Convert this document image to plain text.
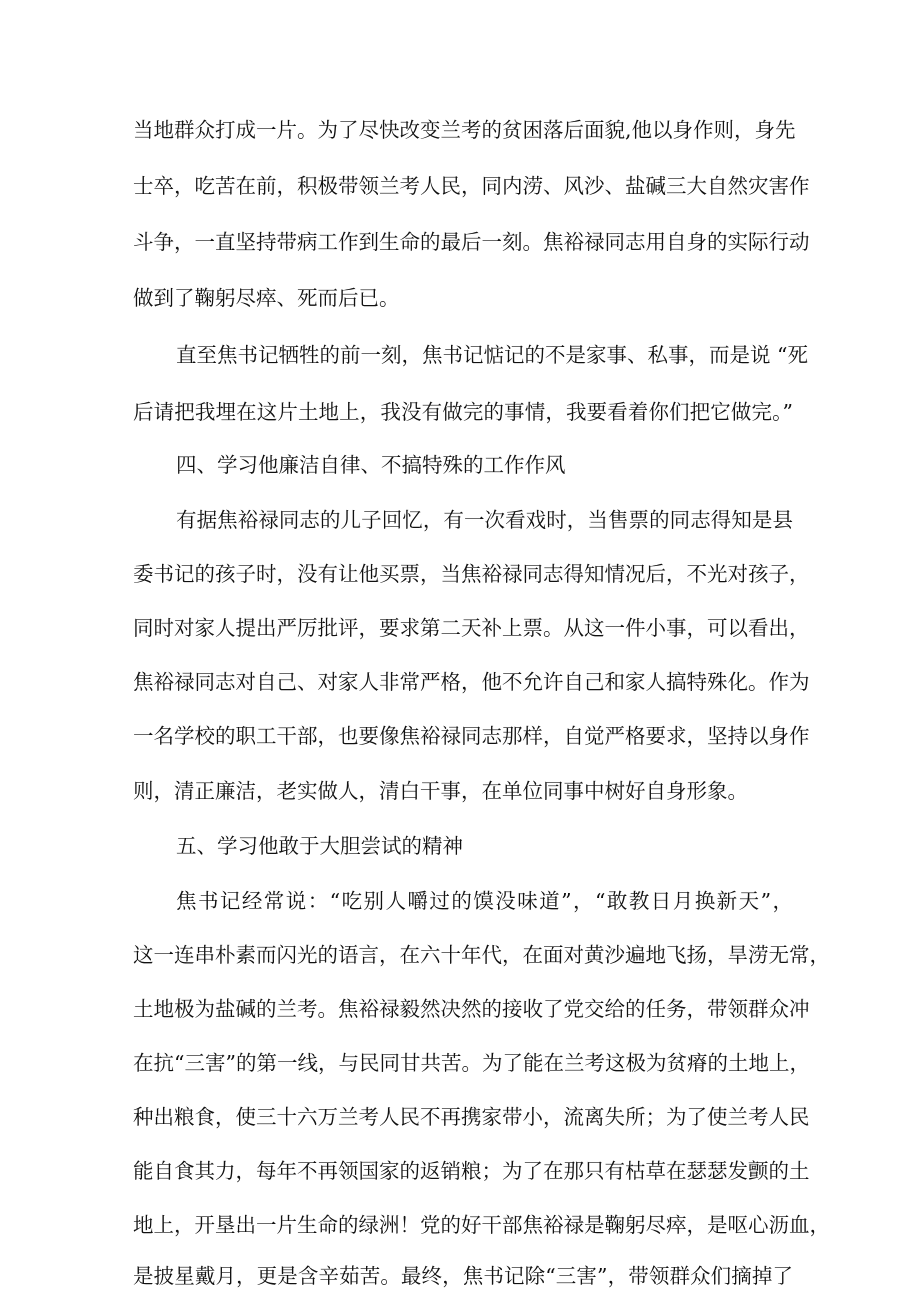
当地群众打成一片。为了尽快改变兰考的贫困落后面貌,他以身作则，身先
士卒，吃苦在前，积极带领兰考人民，同内涝、风沙、盐碱三大自然灾害作
斗争，一直坚持带病工作到生命的最后一刻。焦裕禄同志用自身的实际行动
做到了鞠躬尽瘁、死而后已。
直至焦书记牺牲的前一刻，焦书记惦记的不是家事、私事，而是说 “死
后请把我埋在这片土地上，我没有做完的事情，我要看着你们把它做完。”
四、学习他廉洁自律、不搞特殊的工作作风
有据焦裕禄同志的儿子回忆，有一次看戏时，当售票的同志得知是县
委书记的孩子时，没有让他买票，当焦裕禄同志得知情况后，不光对孩子，
同时对家人提出严厉批评，要求第二天补上票。从这一件小事，可以看出，
焦裕禄同志对自己、对家人非常严格，他不允许自己和家人搞特殊化。作为
一名学校的职工干部，也要像焦裕禄同志那样，自觉严格要求，坚持以身作
则，清正廉洁，老实做人，清白干事，在单位同事中树好自身形象。
五、学习他敢于大胆尝试的精神
焦书记经常说：“吃别人嚼过的馍没味道”，“敢教日月换新天”，
这一连串朴素而闪光的语言，在六十年代，在面对黄沙遍地飞扬，旱涝无常，
土地极为盐碱的兰考。焦裕禄毅然决然的接收了党交给的任务，带领群众冲
在抗“三害”的第一线，与民同甘共苦。为了能在兰考这极为贫瘠的土地上，
种出粮食，使三十六万兰考人民不再携家带小，流离失所；为了使兰考人民
能自食其力，每年不再领国家的返销粮；为了在那只有枯草在瑟瑟发颤的土
地上，开垦出一片生命的绿洲！党的好干部焦裕禄是鞠躬尽瘁，是呕心沥血，
是披星戴月，更是含辛茹苦。最终，焦书记除“三害”，带领群众们摘掉了
